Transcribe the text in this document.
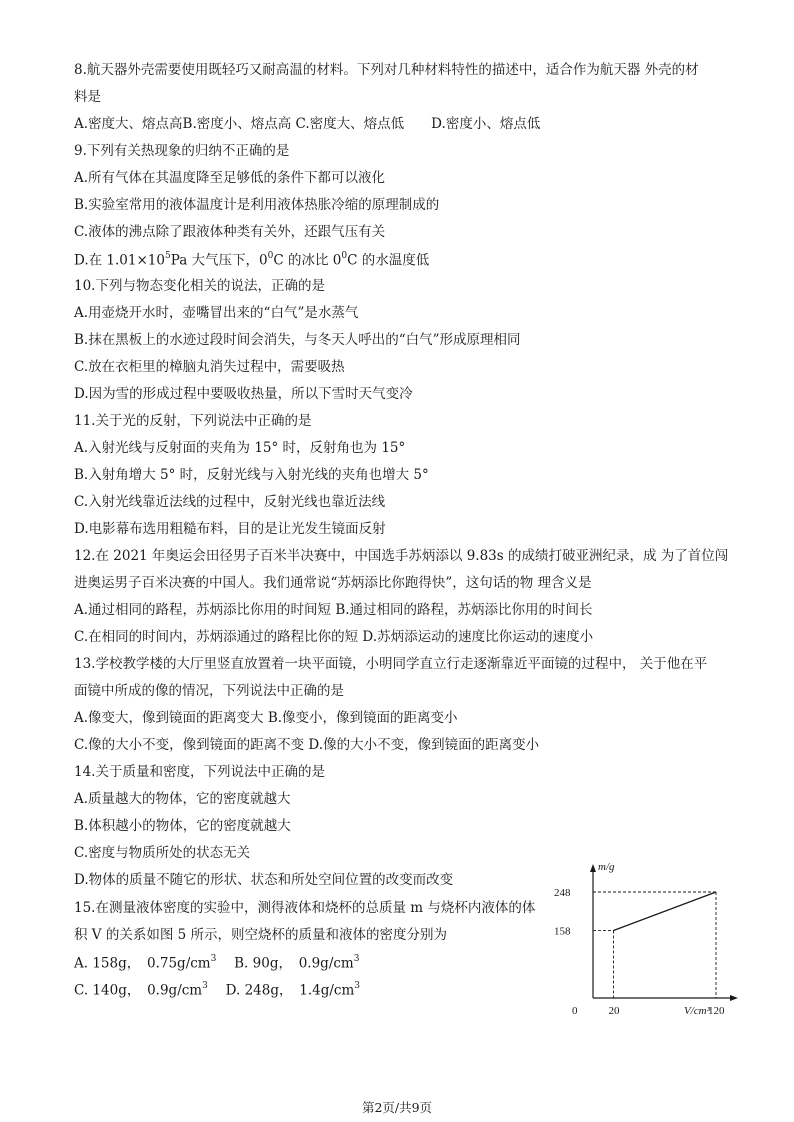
8.航天器外壳需要使用既轻巧又耐高温的材料。下列对几种材料特性的描述中，适合作为航天器 外壳的材
料是
A.密度大、熔点高B.密度小、熔点高 C.密度大、熔点低　　D.密度小、熔点低
9.下列有关热现象的归纳不正确的是
A.所有气体在其温度降至足够低的条件下都可以液化
B.实验室常用的液体温度计是利用液体热胀冷缩的原理制成的
C.液体的沸点除了跟液体种类有关外，还跟气压有关
D.在 $1.01\times 10^5Pa$ 大气压下，$0^0C$ 的冰比 $0^0C$ 的水温度低
10.下列与物态变化相关的说法，正确的是
A.用壶烧开水时，壶嘴冒出来的“白气”是水蒸气
B.抹在黑板上的水迹过段时间会消失，与冬天人呼出的“白气”形成原理相同
C.放在衣柜里的樟脑丸消失过程中，需要吸热
D.因为雪的形成过程中要吸收热量，所以下雪时天气变冷
11.关于光的反射，下列说法中正确的是
A.入射光线与反射面的夹角为 15° 时，反射角也为 15°
B.入射角增大 5° 时，反射光线与入射光线的夹角也增大 5°
C.入射光线靠近法线的过程中，反射光线也靠近法线
D.电影幕布选用粗糙布料，目的是让光发生镜面反射
12.在 2021 年奥运会田径男子百米半决赛中，中国选手苏炳添以 9.83s 的成绩打破亚洲纪录，成 为了首位闯
进奥运男子百米决赛的中国人。我们通常说“苏炳添比你跑得快”，这句话的物 理含义是
A.通过相同的路程，苏炳添比你用的时间短 B.通过相同的路程，苏炳添比你用的时间长
C.在相同的时间内，苏炳添通过的路程比你的短 D.苏炳添运动的速度比你运动的速度小
13.学校教学楼的大厅里竖直放置着一块平面镜，小明同学直立行走逐渐靠近平面镜的过程中， 关于他在平
面镜中所成的像的情况，下列说法中正确的是
A.像变大，像到镜面的距离变大 B.像变小，像到镜面的距离变小
C.像的大小不变，像到镜面的距离不变 D.像的大小不变，像到镜面的距离变小
14.关于质量和密度，下列说法中正确的是
A.质量越大的物体，它的密度就越大
B.体积越小的物体，它的密度就越大
C.密度与物质所处的状态无关
D.物体的质量不随它的形状、状态和所处空间位置的改变而改变
15.在测量液体密度的实验中，测得液体和烧杯的总质量 m 与烧杯内液体的体
积 V 的关系如图 5 所示，则空烧杯的质量和液体的密度分别为
A. 158g，　$0.75g/cm^3$　 B. 90g，　$0.9g/cm^3$
C. 140g，　$0.9g/cm^3$　 D. 248g，　$1.4g/cm^3$
m/g
V/cm³
0
158
248
20	120
第2页/共9页
